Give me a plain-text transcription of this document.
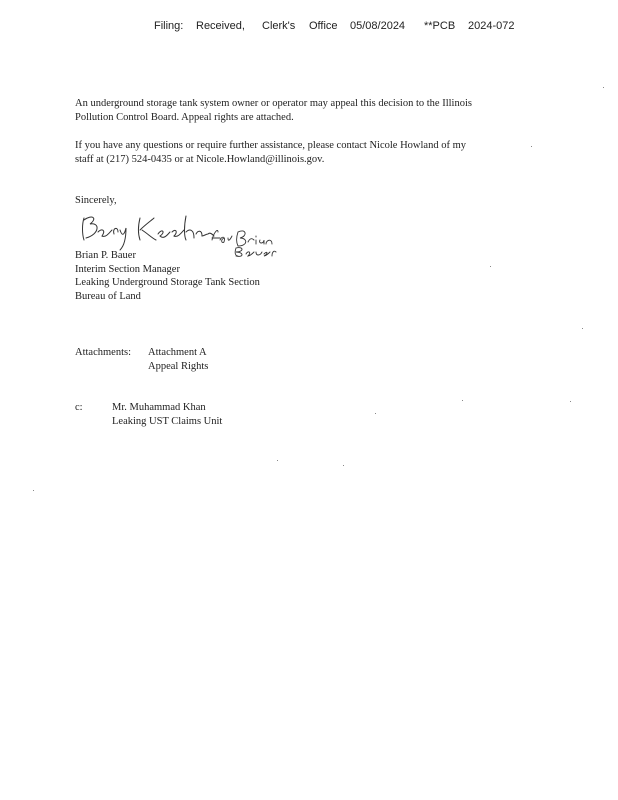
Filing: Received, Clerk's Office 05/08/2024 **PCB 2024-072
An underground storage tank system owner or operator may appeal this decision to the Illinois
Pollution Control Board. Appeal rights are attached.
If you have any questions or require further assistance, please contact Nicole Howland of my
staff at (217) 524-0435 or at Nicole.Howland@illinois.gov.
Sincerely,
Brian P. Bauer
Interim Section Manager
Leaking Underground Storage Tank Section
Bureau of Land
Attachments: Attachment A
Appeal Rights
c:	Mr. Muhammad Khan
Leaking UST Claims Unit
